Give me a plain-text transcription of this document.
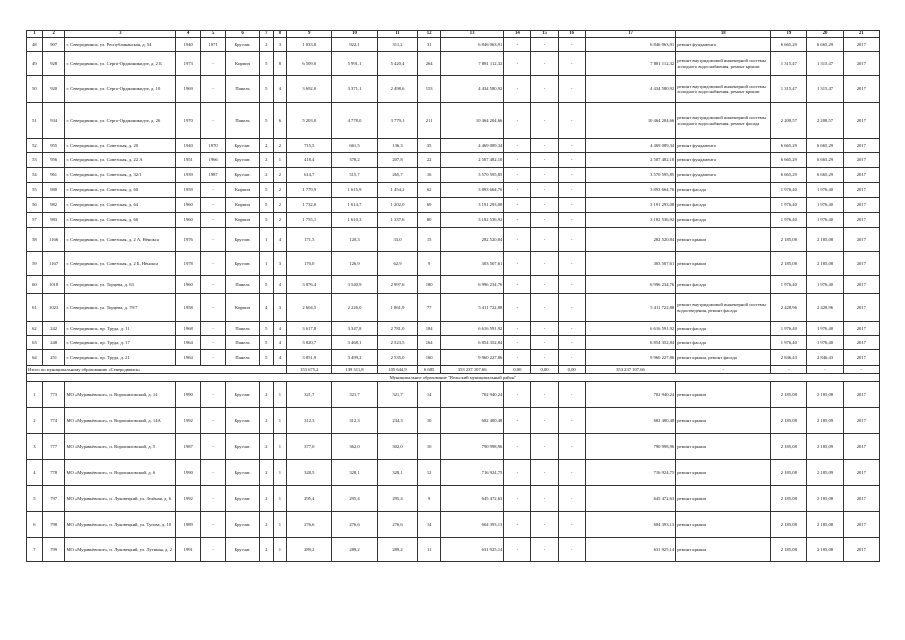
1	2	3	4	5	6	7	8	9	10	11	12	13	14	15	16	17	18	19	20	21
48	907	г. Северодвинск, ул. Республиканская, д. 54	1940	1971	Брусчат.	2	3	1 033,8	922,1	311,2	31	6 846 063,91	-	-	-	6 846 063,91	ремонт фундамента	6 665,29	6 665,29	2017
49	928	г. Северодвинск, ул. Серго-Орджоникидзе, д. 2 Б	1973	-	Кирпич	5	8	6 509,0	5 991,1	5 420,4	264	7 881 112,32	-	-	-	7 881 112,32	ремонт внутридомовой инженерной системы холодного водоснабжения, ремонт крыши	1 315,47	1 315,47	2017
50	920	г. Северодвинск, ул. Серго-Орджоникидзе, д. 10	1969	-	Панель	5	4	3 692,0	3 371,1	2 498,6	153	4 434 580,92	-	-	-	4 434 580,92	ремонт внутридомовой инженерной системы холодного водоснабжения, ремонт крыши	1 315,47	1 315,47	2017
51	934	г. Северодвинск, ул. Серго-Орджоникидзе, д. 26	1970	-	Панель	5	6	5 203,0	4 778,0	3 779,1	211	10 464 204,66	-	-	-	10 464 204,66	ремонт внутридомовой инженерной системы холодного водоснабжения, ремонт фасада	2 208,57	2 208,57	2017
52	955	г. Северодвинск, ул. Советская, д. 20	1940	1970	Брусчат.	2	2	715,5	661,5	136,3	35	4 469 089,34	-	-	-	4 469 089,34	ремонт фундамента	6 665,29	6 665,29	2017
53	956	г. Северодвинск, ул. Советская, д. 22 А	1951	1966	Брусчат.	2	1	418,4	378,2	207,8	22	2 507 482,10	-	-	-	2 507 482,10	ремонт фундамента	6 665,29	6 665,29	2017
54	961	г. Северодвинск, ул. Советская, д. 32/1	1939	1987	Брусчат.	2	2	614,7	515,7	265,7	16	3 570 595,85	-	-	-	3 570 595,85	ремонт фундамента	6 665,29	6 665,29	2017
55	980	г. Северодвинск, ул. Советская, д. 60	1959	-	Кирпич	5	2	1 779,9	1 615,9	1 454,2	62	3 893 664,76	-	-	-	3 893 664,76	ремонт фасада	1 976,40	1 976,40	2017
56	982	г. Северодвинск, ул. Советская, д. 64	1960	-	Кирпич	5	2	1 732,0	1 614,7	1 202,0	69	3 191 293,08	-	-	-	3 191 293,08	ремонт фасада	1 976,40	1 976,40	2017
57	983	г. Северодвинск, ул. Советская, д. 66	1960	-	Кирпич	5	2	1 755,1	1 610,3	1 337,6	80	3 182 536,92	-	-	-	3 182 536,92	ремонт фасада	1 976,40	1 976,40	2017
58	1166	г. Северодвинск, ул. Советская, д. 2 А, Нёнокса	1976	-	Брусчат.	1	4	171,5	120,3	33,0	15	282 520,84	-	-	-	282 520,84	ремонт крыши	2 185,08	2 185,08	2017
59	1167	г. Северодвинск, ул. Советская, д. 2 Б, Нёнокса	1978	-	Брусчат.	1	3	170,0	126,9	62,9	9	303 507,61	-	-	-	303 507,61	ремонт крыши	2 185,08	2 185,08	2017
60	1018	г. Северодвинск, ул. Торцева, д. 63	1960	-	Панель	5	4	3 876,4	3 540,9	2 997,6	180	6 996 234,76	-	-	-	6 996 234,76	ремонт фасада	1 976,40	1 976,40	2017
61	1023	г. Северодвинск, ул. Торцева, д. 79/7	1958	-	Кирпич	4	3	2 604,5	2 226,0	1 861,9	77	5 411 722,88	-	-	-	5 411 722,88	ремонт внутридомовой инженерной системы водоотведения, ремонт фасада	2 428,96	2 428,96	2017
62	242	г. Северодвинск, пр. Труда, д. 11	1968	-	Панель	5	4	3 617,8	3 347,8	2 781,0	184	6 616 591,92	-	-	-	6 616 591,92	ремонт фасада	1 976,40	1 976,40	2017
63	248	г. Северодвинск, пр. Труда, д. 17	1964	-	Панель	5	4	3 820,7	3 468,1	2 523,5	164	6 854 352,84	-	-	-	6 854 352,84	ремонт фасада	1 976,40	1 976,40	2017
64	251	г. Северодвинск, пр. Труда, д. 21	1964	-	Панель	5	4	3 851,9	3 499,2	2 535,0	160	9 960 227,86	-	-	-	9 960 227,86	ремонт крыши, ремонт фасада	2 846,43	2 846,43	2017
Итого по муниципальному образованию «Северодвинск»								153 675,2	139 311,8	105 644,9	6 685	353 237 107,66	0,00	0,00	0,00	353 237 107,66	-	-	-	-
Муниципальное образование "Вельский муниципальный район"																				
1	773	МО «Муравьёвское», п. Ворошиловский, д. 14	1990	-	Брусчат.	2	1	321,7	321,7	321,7	14	702 940,24	-	-	-	702 940,24	ремонт крыши	2 185,08	2 185,08	2017
2	774	МО «Муравьёвское», п. Ворошиловский, д. 14А	1992	-	Брусчат.	2	1	312,3	312,3	234,3	10	682 400,48	-	-	-	682 400,48	ремонт крыши	2 185,08	2 185,09	2017
3	777	МО «Муравьёвское», п. Ворошиловский, д. 5	1987	-	Брусчат.	2	1	377,0	362,0	302,0	10	790 998,96	-	-	-	790 998,96	ремонт крыши	2 185,08	2 185,09	2017
4	778	МО «Муравьёвское», п. Ворошиловский, д. 6	1990	-	Брусчат.	2	1	328,5	328,1	328,1	12	716 924,75	-	-	-	716 924,75	ремонт крыши	2 185,08	2 185,09	2017
5	797	МО «Муравьёвское», п. Луковецкий, ул. Зелёная, д. 6	1992	-	Брусчат.	2	1	295,4	295,4	295,4	9	645 472,63	-	-	-	645 472,63	ремонт крыши	2 185,08	2 185,08	2017
6	798	МО «Муравьёвское», п. Луковецкий, ул. Тугова, д. 10	1989	-	Брусчат.	2	1	276,6	276,6	276,6	14	604 393,13	-	-	-	604 393,13	ремонт крыши	2 185,08	2 185,08	2017
7	799	МО «Муравьёвское», п. Луковецкий, ул. Лугиная, д. 2	1991	-	Брусчат.	2	1	289,2	289,2	289,2	11	631 925,14	-	-	-	631 925,14	ремонт крыши	2 185,08	2 185,08	2017
